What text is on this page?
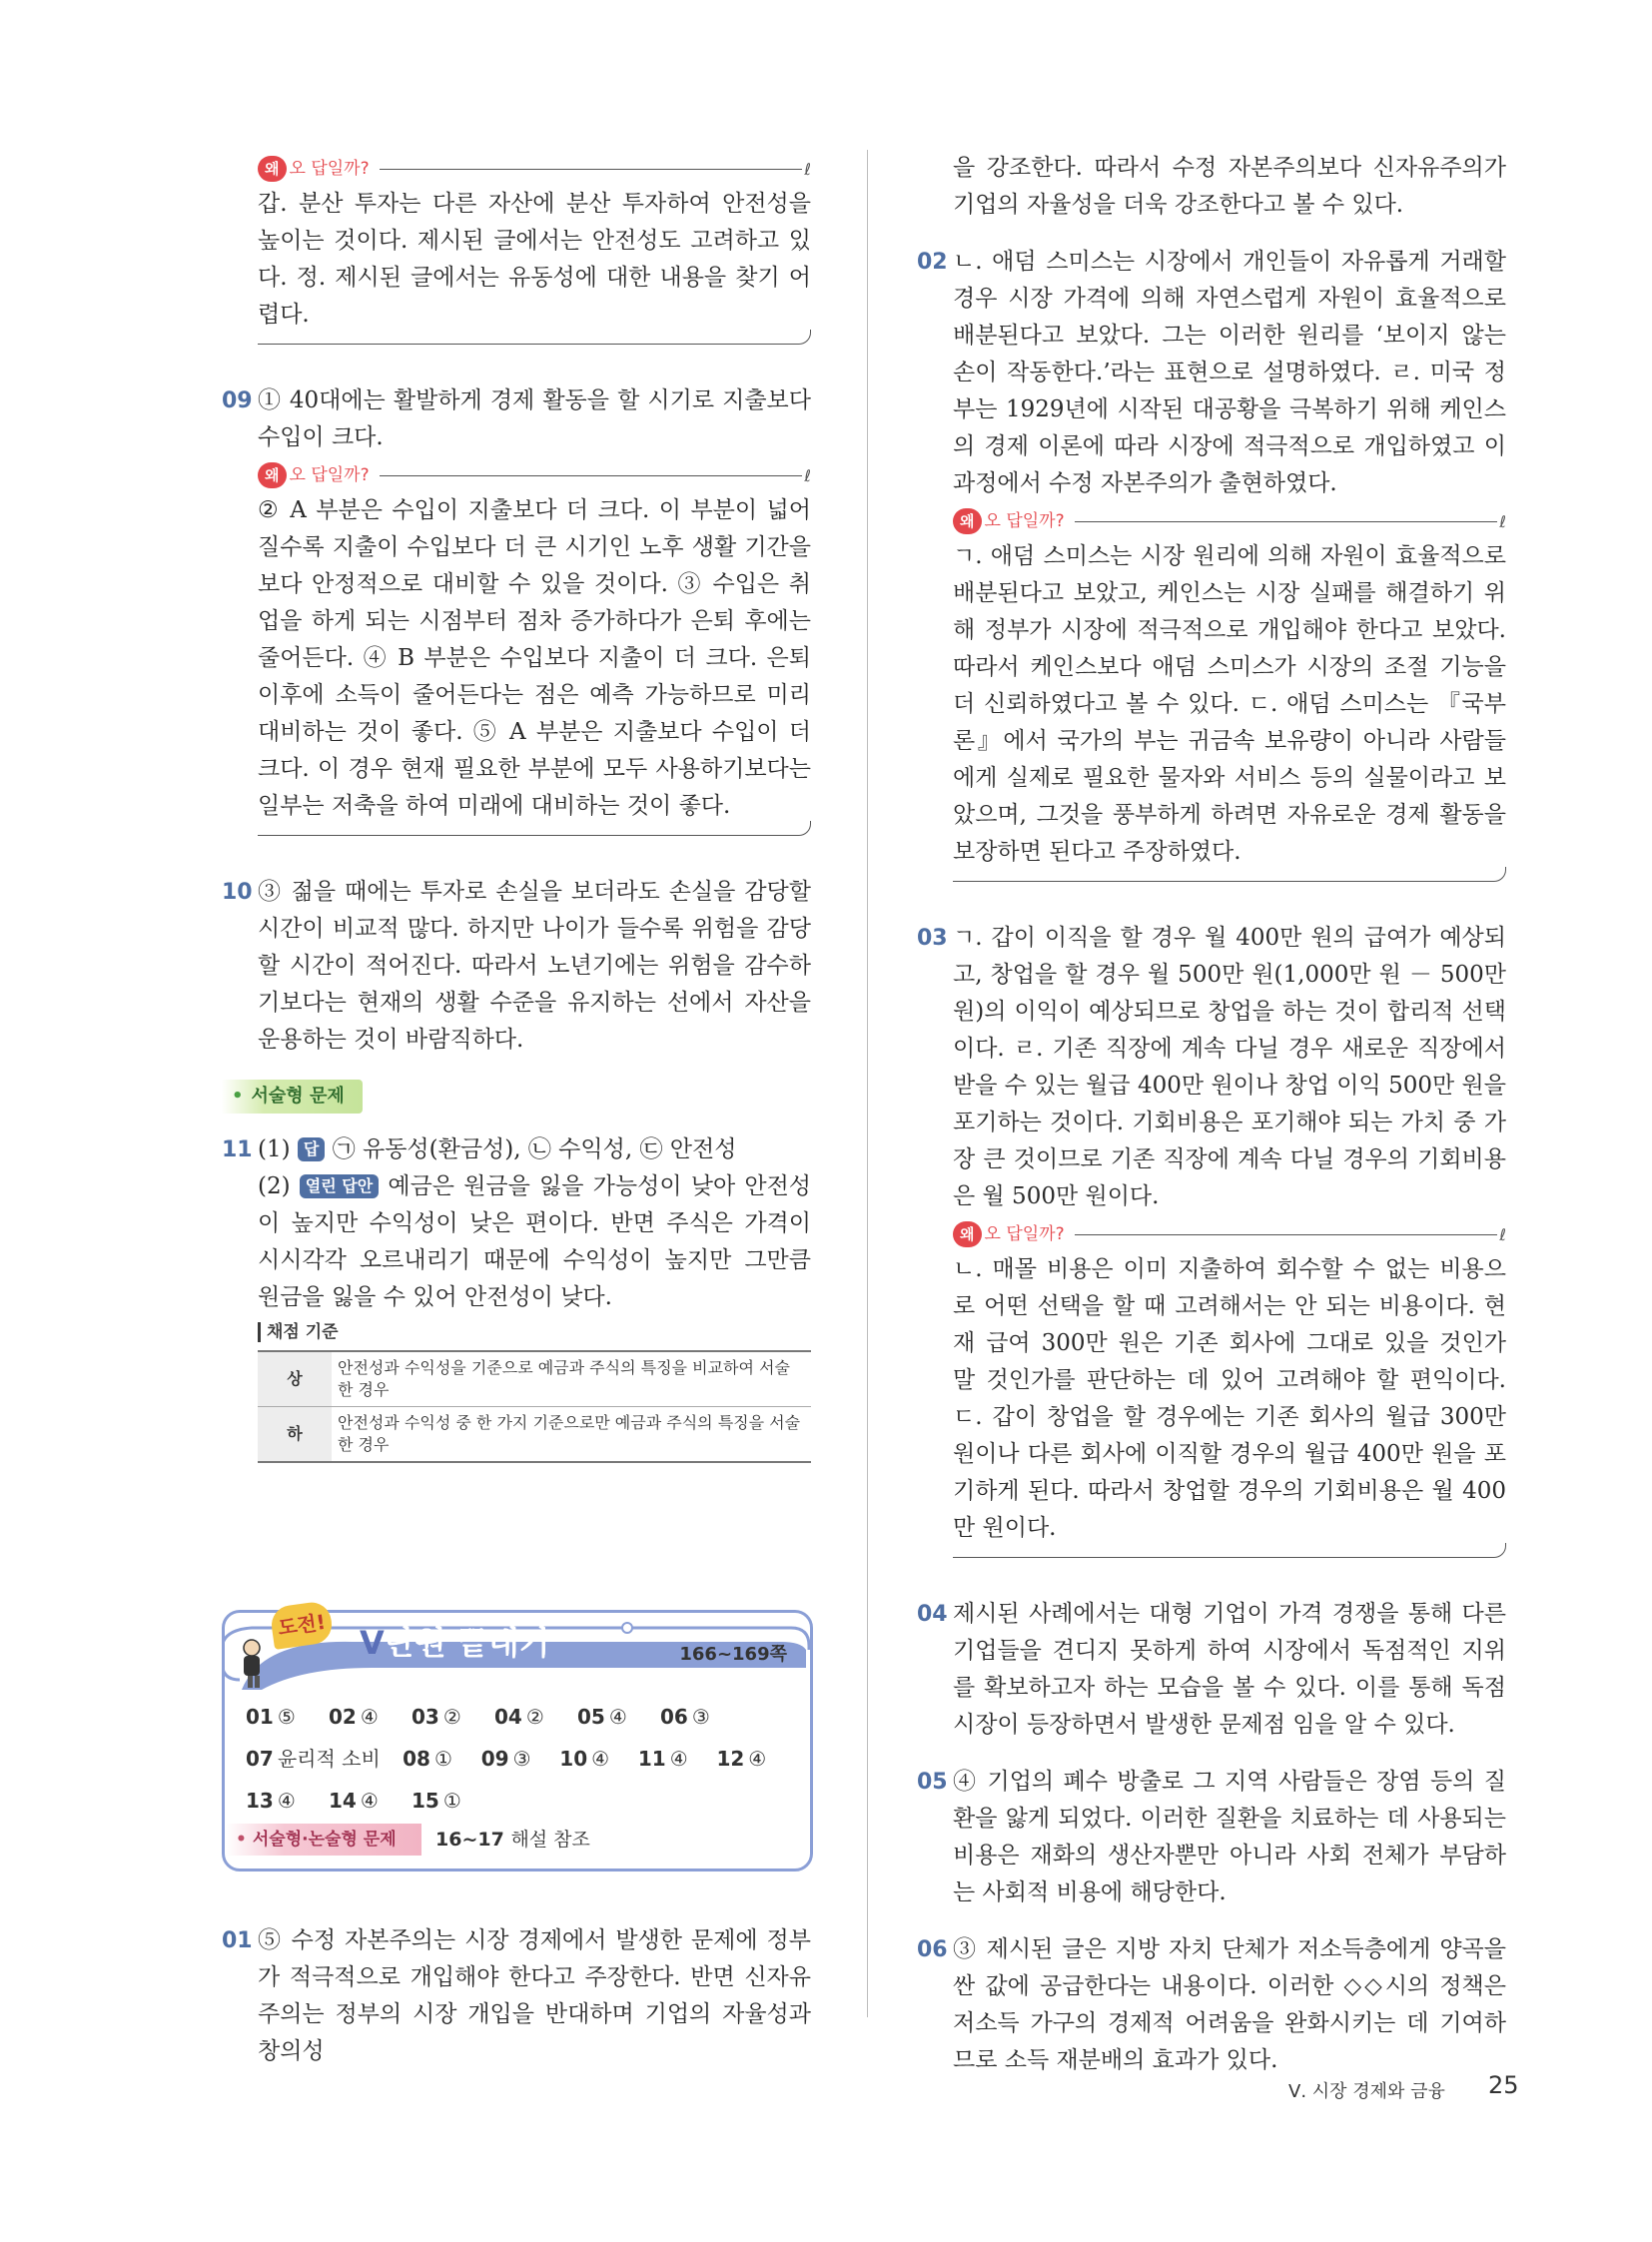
왜 오 답일까?	ℓ
갑. 분산 투자는 다른 자산에 분산 투자하여 안전성을 높이는 것이다. 제시된 글에서는 안전성도 고려하고 있다. 정. 제시된 글에서는 유동성에 대한 내용을 찾기 어렵다.
09 ① 40대에는 활발하게 경제 활동을 할 시기로 지출보다 수입이 크다.
왜 오 답일까?	ℓ
② A 부분은 수입이 지출보다 더 크다. 이 부분이 넓어질수록 지출이 수입보다 더 큰 시기인 노후 생활 기간을 보다 안정적으로 대비할 수 있을 것이다. ③ 수입은 취업을 하게 되는 시점부터 점차 증가하다가 은퇴 후에는 줄어든다. ④ B 부분은 수입보다 지출이 더 크다. 은퇴 이후에 소득이 줄어든다는 점은 예측 가능하므로 미리 대비하는 것이 좋다. ⑤ A 부분은 지출보다 수입이 더 크다. 이 경우 현재 필요한 부분에 모두 사용하기보다는 일부는 저축을 하여 미래에 대비하는 것이 좋다.
10 ③ 젊을 때에는 투자로 손실을 보더라도 손실을 감당할 시간이 비교적 많다. 하지만 나이가 들수록 위험을 감당할 시간이 적어진다. 따라서 노년기에는 위험을 감수하기보다는 현재의 생활 수준을 유지하는 선에서 자산을 운용하는 것이 바람직하다.
• 서술형 문제
11 (1) 답 ㉠ 유동성(환금성), ㉡ 수익성, ㉢ 안전성
(2) 열린 답안 예금은 원금을 잃을 가능성이 낮아 안전성이 높지만 수익성이 낮은 편이다. 반면 주식은 가격이 시시각각 오르내리기 때문에 수익성이 높지만 그만큼 원금을 잃을 수 있어 안전성이 낮다.
채점 기준
상	안전성과 수익성을 기준으로 예금과 주식의 특징을 비교하여 서술한 경우
하	안전성과 수익성 중 한 가지 기준으로만 예금과 주식의 특징을 서술한 경우
도전! V단원 끝내기	166~169쪽
01 ⑤	02 ④	03 ②	04 ②	05 ④	06 ③
07 윤리적 소비	08 ①	09 ③	10 ④	11 ④	12 ④
13 ④	14 ④	15 ①
• 서술형·논술형 문제	16~17 해설 참조
01 ⑤ 수정 자본주의는 시장 경제에서 발생한 문제에 정부가 적극적으로 개입해야 한다고 주장한다. 반면 신자유주의는 정부의 시장 개입을 반대하며 기업의 자율성과 창의성
을 강조한다. 따라서 수정 자본주의보다 신자유주의가 기업의 자율성을 더욱 강조한다고 볼 수 있다.
02 ㄴ. 애덤 스미스는 시장에서 개인들이 자유롭게 거래할 경우 시장 가격에 의해 자연스럽게 자원이 효율적으로 배분된다고 보았다. 그는 이러한 원리를 ‘보이지 않는 손이 작동한다.’라는 표현으로 설명하였다. ㄹ. 미국 정부는 1929년에 시작된 대공황을 극복하기 위해 케인스의 경제 이론에 따라 시장에 적극적으로 개입하였고 이 과정에서 수정 자본주의가 출현하였다.
왜 오 답일까?	ℓ
ㄱ. 애덤 스미스는 시장 원리에 의해 자원이 효율적으로 배분된다고 보았고, 케인스는 시장 실패를 해결하기 위해 정부가 시장에 적극적으로 개입해야 한다고 보았다. 따라서 케인스보다 애덤 스미스가 시장의 조절 기능을 더 신뢰하였다고 볼 수 있다. ㄷ. 애덤 스미스는 『국부론』에서 국가의 부는 귀금속 보유량이 아니라 사람들에게 실제로 필요한 물자와 서비스 등의 실물이라고 보았으며, 그것을 풍부하게 하려면 자유로운 경제 활동을 보장하면 된다고 주장하였다.
03 ㄱ. 갑이 이직을 할 경우 월 400만 원의 급여가 예상되고, 창업을 할 경우 월 500만 원(1,000만 원 － 500만 원)의 이익이 예상되므로 창업을 하는 것이 합리적 선택이다. ㄹ. 기존 직장에 계속 다닐 경우 새로운 직장에서 받을 수 있는 월급 400만 원이나 창업 이익 500만 원을 포기하는 것이다. 기회비용은 포기해야 되는 가치 중 가장 큰 것이므로 기존 직장에 계속 다닐 경우의 기회비용은 월 500만 원이다.
왜 오 답일까?	ℓ
ㄴ. 매몰 비용은 이미 지출하여 회수할 수 없는 비용으로 어떤 선택을 할 때 고려해서는 안 되는 비용이다. 현재 급여 300만 원은 기존 회사에 그대로 있을 것인가 말 것인가를 판단하는 데 있어 고려해야 할 편익이다. ㄷ. 갑이 창업을 할 경우에는 기존 회사의 월급 300만 원이나 다른 회사에 이직할 경우의 월급 400만 원을 포기하게 된다. 따라서 창업할 경우의 기회비용은 월 400만 원이다.
04 제시된 사례에서는 대형 기업이 가격 경쟁을 통해 다른 기업들을 견디지 못하게 하여 시장에서 독점적인 지위를 확보하고자 하는 모습을 볼 수 있다. 이를 통해 독점 시장이 등장하면서 발생한 문제점 임을 알 수 있다.
05 ④ 기업의 폐수 방출로 그 지역 사람들은 장염 등의 질환을 앓게 되었다. 이러한 질환을 치료하는 데 사용되는 비용은 재화의 생산자뿐만 아니라 사회 전체가 부담하는 사회적 비용에 해당한다.
06 ③ 제시된 글은 지방 자치 단체가 저소득층에게 양곡을 싼 값에 공급한다는 내용이다. 이러한 ◇◇시의 정책은 저소득 가구의 경제적 어려움을 완화시키는 데 기여하므로 소득 재분배의 효과가 있다.
Ⅴ. 시장 경제와 금융 25
